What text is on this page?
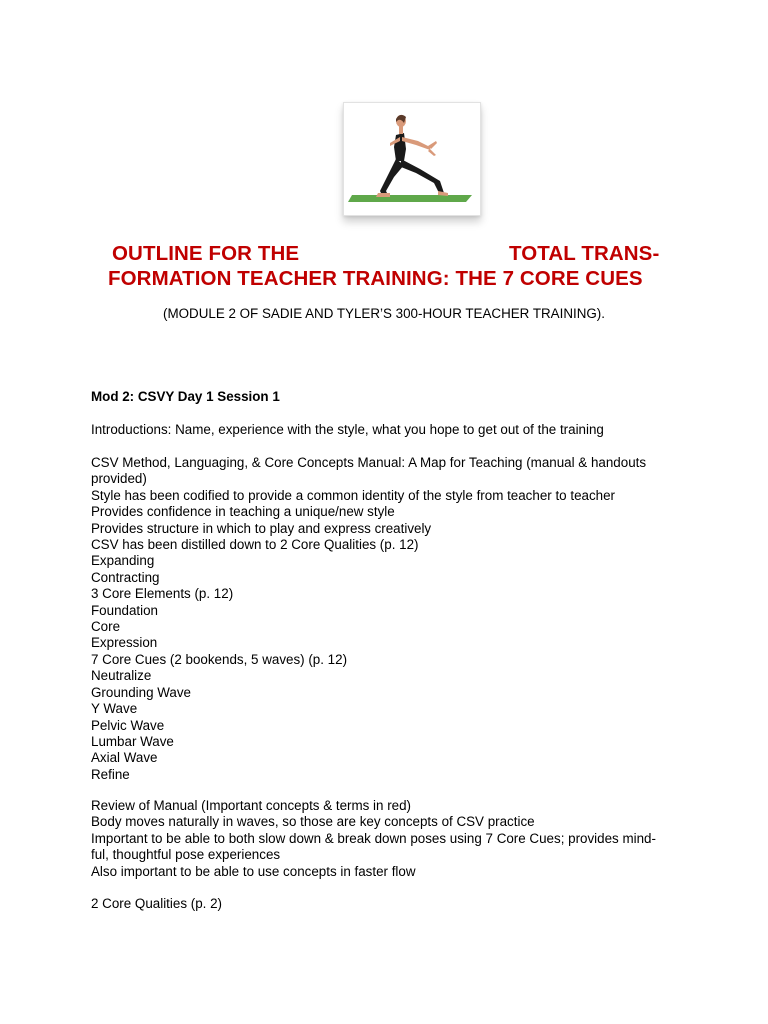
OUTLINE FOR THE	TOTAL TRANS-
FORMATION TEACHER TRAINING: THE 7 CORE CUES
(MODULE 2 OF SADIE AND TYLER’S 300-HOUR TEACHER TRAINING).
Mod 2: CSVY Day 1 Session 1
Introductions: Name, experience with the style, what you hope to get out of the training
CSV Method, Languaging, & Core Concepts Manual: A Map for Teaching (manual & handouts
provided)
Style has been codified to provide a common identity of the style from teacher to teacher
Provides confidence in teaching a unique/new style
Provides structure in which to play and express creatively
CSV has been distilled down to 2 Core Qualities (p. 12)
Expanding
Contracting
3 Core Elements (p. 12)
Foundation
Core
Expression
7 Core Cues (2 bookends, 5 waves) (p. 12)
Neutralize
Grounding Wave
Y Wave
Pelvic Wave
Lumbar Wave
Axial Wave
Refine
Review of Manual (Important concepts & terms in red)
Body moves naturally in waves, so those are key concepts of CSV practice
Important to be able to both slow down & break down poses using 7 Core Cues; provides mind-
ful, thoughtful pose experiences
Also important to be able to use concepts in faster flow
2 Core Qualities (p. 2)
